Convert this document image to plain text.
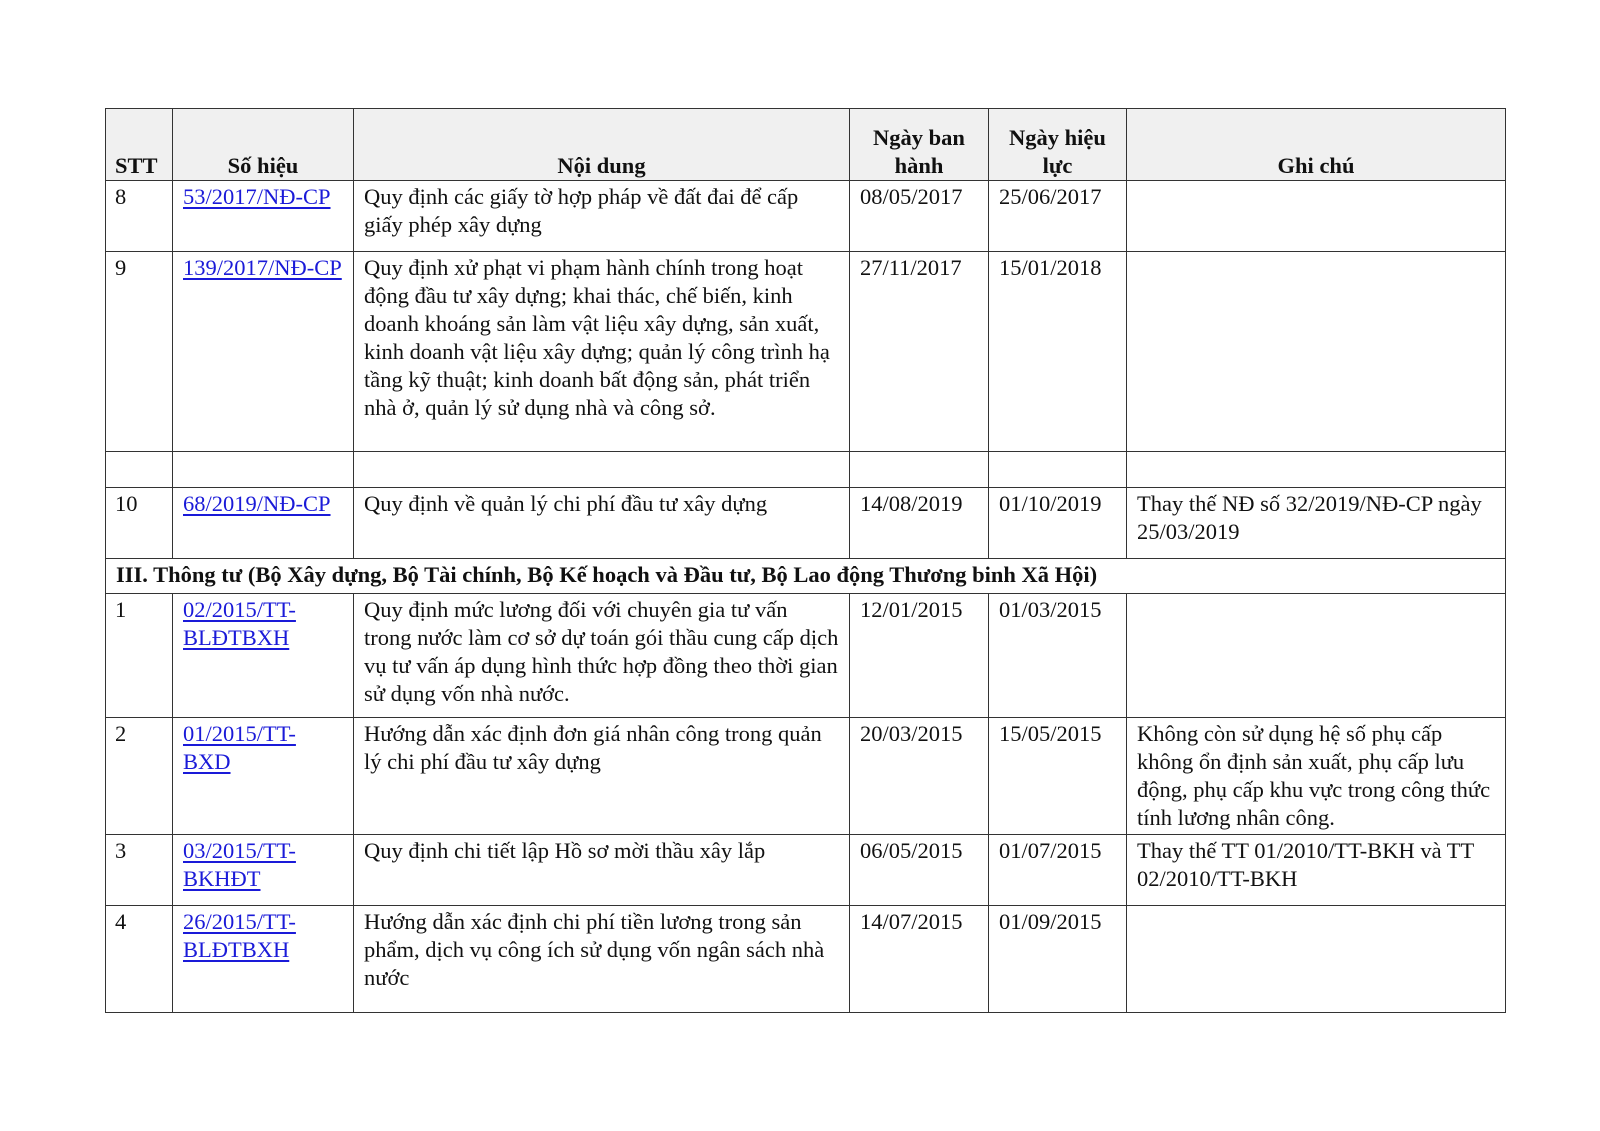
STT	Số hiệu	Nội dung	Ngày ban hành	Ngày hiệu lực	Ghi chú
8	53/2017/NĐ-CP	Quy định các giấy tờ hợp pháp về đất đai để cấp giấy phép xây dựng	08/05/2017	25/06/2017	
9	139/2017/NĐ-CP	Quy định xử phạt vi phạm hành chính trong hoạt động đầu tư xây dựng; khai thác, chế biến, kinh doanh khoáng sản làm vật liệu xây dựng, sản xuất, kinh doanh vật liệu xây dựng; quản lý công trình hạ tầng kỹ thuật; kinh doanh bất động sản, phát triển nhà ở, quản lý sử dụng nhà và công sở.	27/11/2017	15/01/2018	

10	68/2019/NĐ-CP	Quy định về quản lý chi phí đầu tư xây dựng	14/08/2019	01/10/2019	Thay thế NĐ số 32/2019/NĐ-CP ngày 25/03/2019
III. Thông tư (Bộ Xây dựng, Bộ Tài chính, Bộ Kế hoạch và Đầu tư, Bộ Lao động Thương binh Xã Hội)					
1	02/2015/TT-BLĐTBXH	Quy định mức lương đối với chuyên gia tư vấn trong nước làm cơ sở dự toán gói thầu cung cấp dịch vụ tư vấn áp dụng hình thức hợp đồng theo thời gian sử dụng vốn nhà nước.	12/01/2015	01/03/2015	
2	01/2015/TT-BXD	Hướng dẫn xác định đơn giá nhân công trong quản lý chi phí đầu tư xây dựng	20/03/2015	15/05/2015	Không còn sử dụng hệ số phụ cấp không ổn định sản xuất, phụ cấp lưu động, phụ cấp khu vực trong công thức tính lương nhân công.
3	03/2015/TT-BKHĐT	Quy định chi tiết lập Hồ sơ mời thầu xây lắp	06/05/2015	01/07/2015	Thay thế TT 01/2010/TT-BKH và TT 02/2010/TT-BKH
4	26/2015/TT-BLĐTBXH	Hướng dẫn xác định chi phí tiền lương trong sản phẩm, dịch vụ công ích sử dụng vốn ngân sách nhà nước	14/07/2015	01/09/2015	
